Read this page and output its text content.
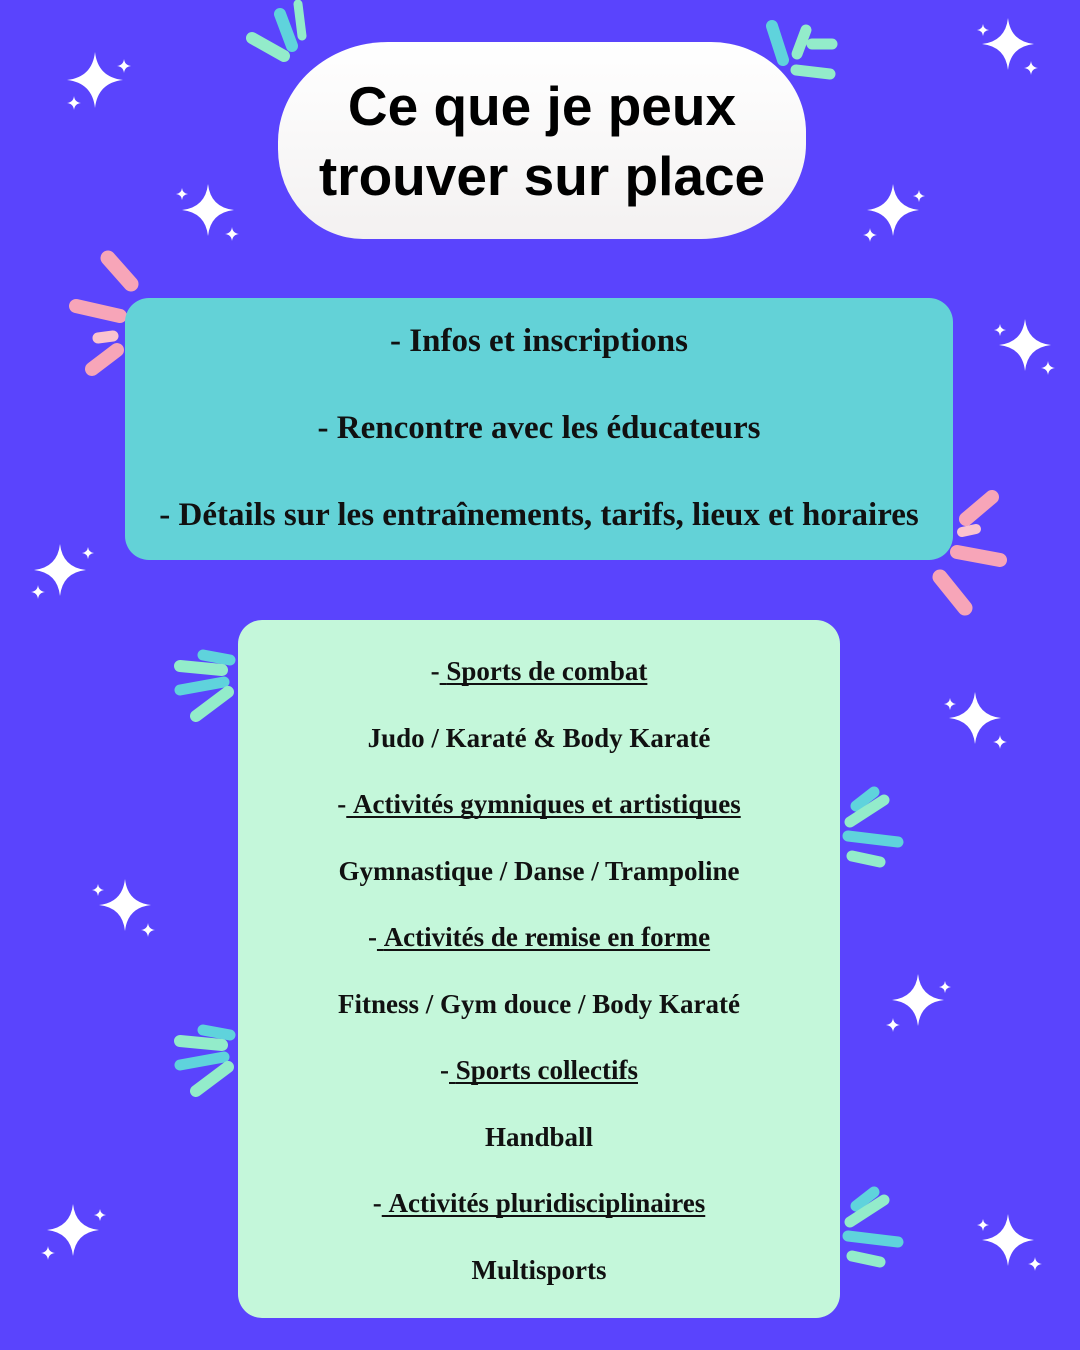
Ce que je peux
trouver sur place

- Infos et inscriptions

- Rencontre avec les éducateurs

- Détails sur les entraînements, tarifs, lieux et horaires

- Sports de combat

Judo / Karaté & Body Karaté

- Activités gymniques et artistiques

Gymnastique / Danse / Trampoline

- Activités de remise en forme

Fitness / Gym douce / Body Karaté

- Sports collectifs

Handball

- Activités pluridisciplinaires

Multisports
